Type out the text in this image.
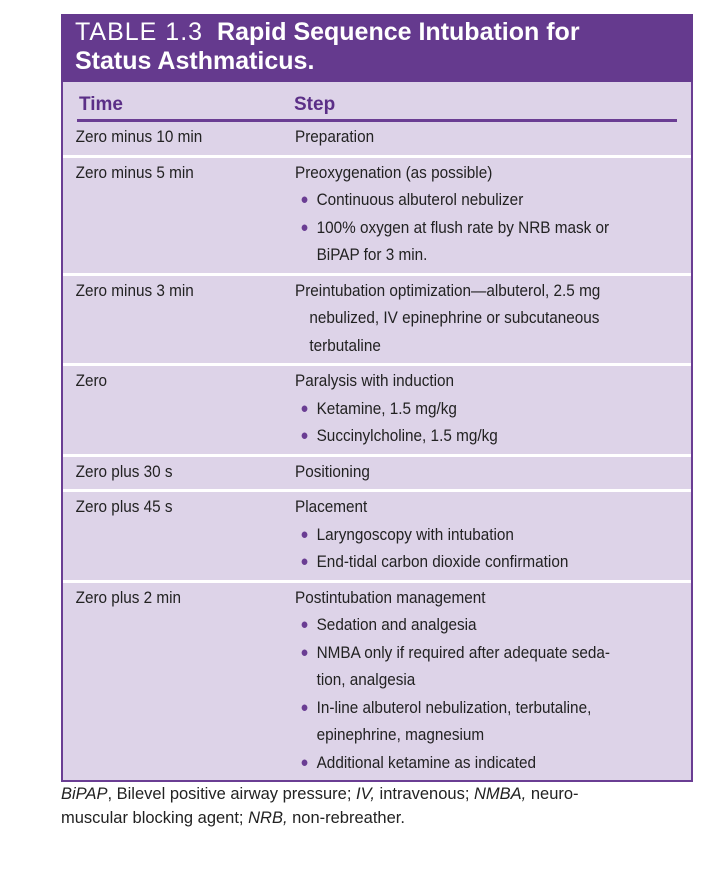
TABLE 1.3 Rapid Sequence Intubation for
Status Asthmaticus.
Time	Step
Zero minus 10 min	Preparation
Zero minus 5 min	Preoxygenation (as possible)
● Continuous albuterol nebulizer
● 100% oxygen at flush rate by NRB mask or
BiPAP for 3 min.
Zero minus 3 min	Preintubation optimization—albuterol, 2.5 mg
nebulized, IV epinephrine or subcutaneous
terbutaline
Zero	Paralysis with induction
● Ketamine, 1.5 mg/kg
● Succinylcholine, 1.5 mg/kg
Zero plus 30 s	Positioning
Zero plus 45 s	Placement
● Laryngoscopy with intubation
● End-tidal carbon dioxide confirmation
Zero plus 2 min	Postintubation management
● Sedation and analgesia
● NMBA only if required after adequate seda-
tion, analgesia
● In-line albuterol nebulization, terbutaline,
epinephrine, magnesium
● Additional ketamine as indicated
BiPAP, Bilevel positive airway pressure; IV, intravenous; NMBA, neuro-
muscular blocking agent; NRB, non-rebreather.
